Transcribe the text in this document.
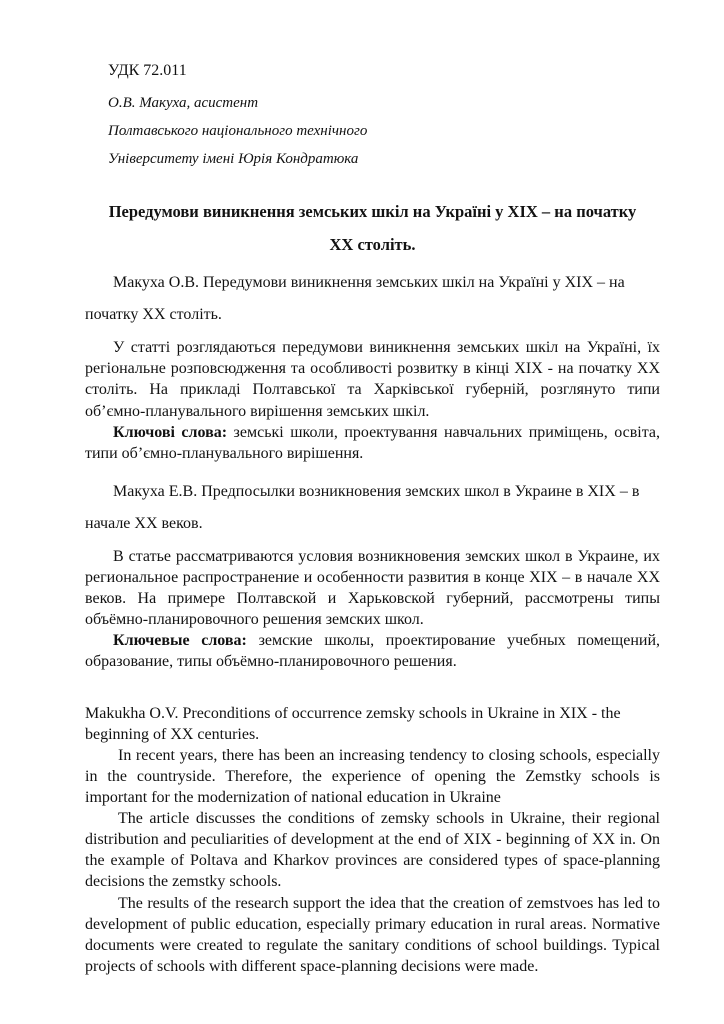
УДК 72.011

О.В. Макуха, асистент

Полтавського національного технічного

Університету імені Юрія Кондратюка

Передумови виникнення земських шкіл на Україні у XIX – на початку XX століть.

Макуха О.В. Передумови виникнення земських шкіл на Україні у XIX – на початку XX століть.

У статті розглядаються передумови виникнення земських шкіл на Україні, їх регіональне розповсюдження та особливості розвитку в кінці XIX - на початку XX століть. На прикладі Полтавської та Харківської губерній, розглянуто типи об’ємно-планувального вирішення земських шкіл.

Ключові слова: земські школи, проектування навчальних приміщень, освіта, типи об’ємно-планувального вирішення.

Макуха Е.В. Предпосылки возникновения земских школ в Украине в XIX – в начале XX веков.

В статье рассматриваются условия возникновения земских школ в Украине, их региональное распространение и особенности развития в конце XIX – в начале XX веков. На примере Полтавской и Харьковской губерний, рассмотрены типы объёмно-планировочного решения земских школ.

Ключевые слова: земские школы, проектирование учебных помещений, образование, типы объёмно-планировочного решения.

Makukha O.V. Preconditions of occurrence zemsky schools in Ukraine in XIX - the beginning of XX centuries.

In recent years, there has been an increasing tendency to closing schools, especially in the countryside. Therefore, the experience of opening the Zemstky schools is important for the modernization of national education in Ukraine

The article discusses the conditions of zemsky schools in Ukraine, their regional distribution and peculiarities of development at the end of XIX - beginning of XX in. On the example of Poltava and Kharkov provinces are considered types of space-planning decisions the zemstky schools.

The results of the research support the idea that the creation of zemstvoes has led to development of public education, especially primary education in rural areas. Normative documents were created to regulate the sanitary conditions of school buildings. Typical projects of schools with different space-planning decisions were made.
